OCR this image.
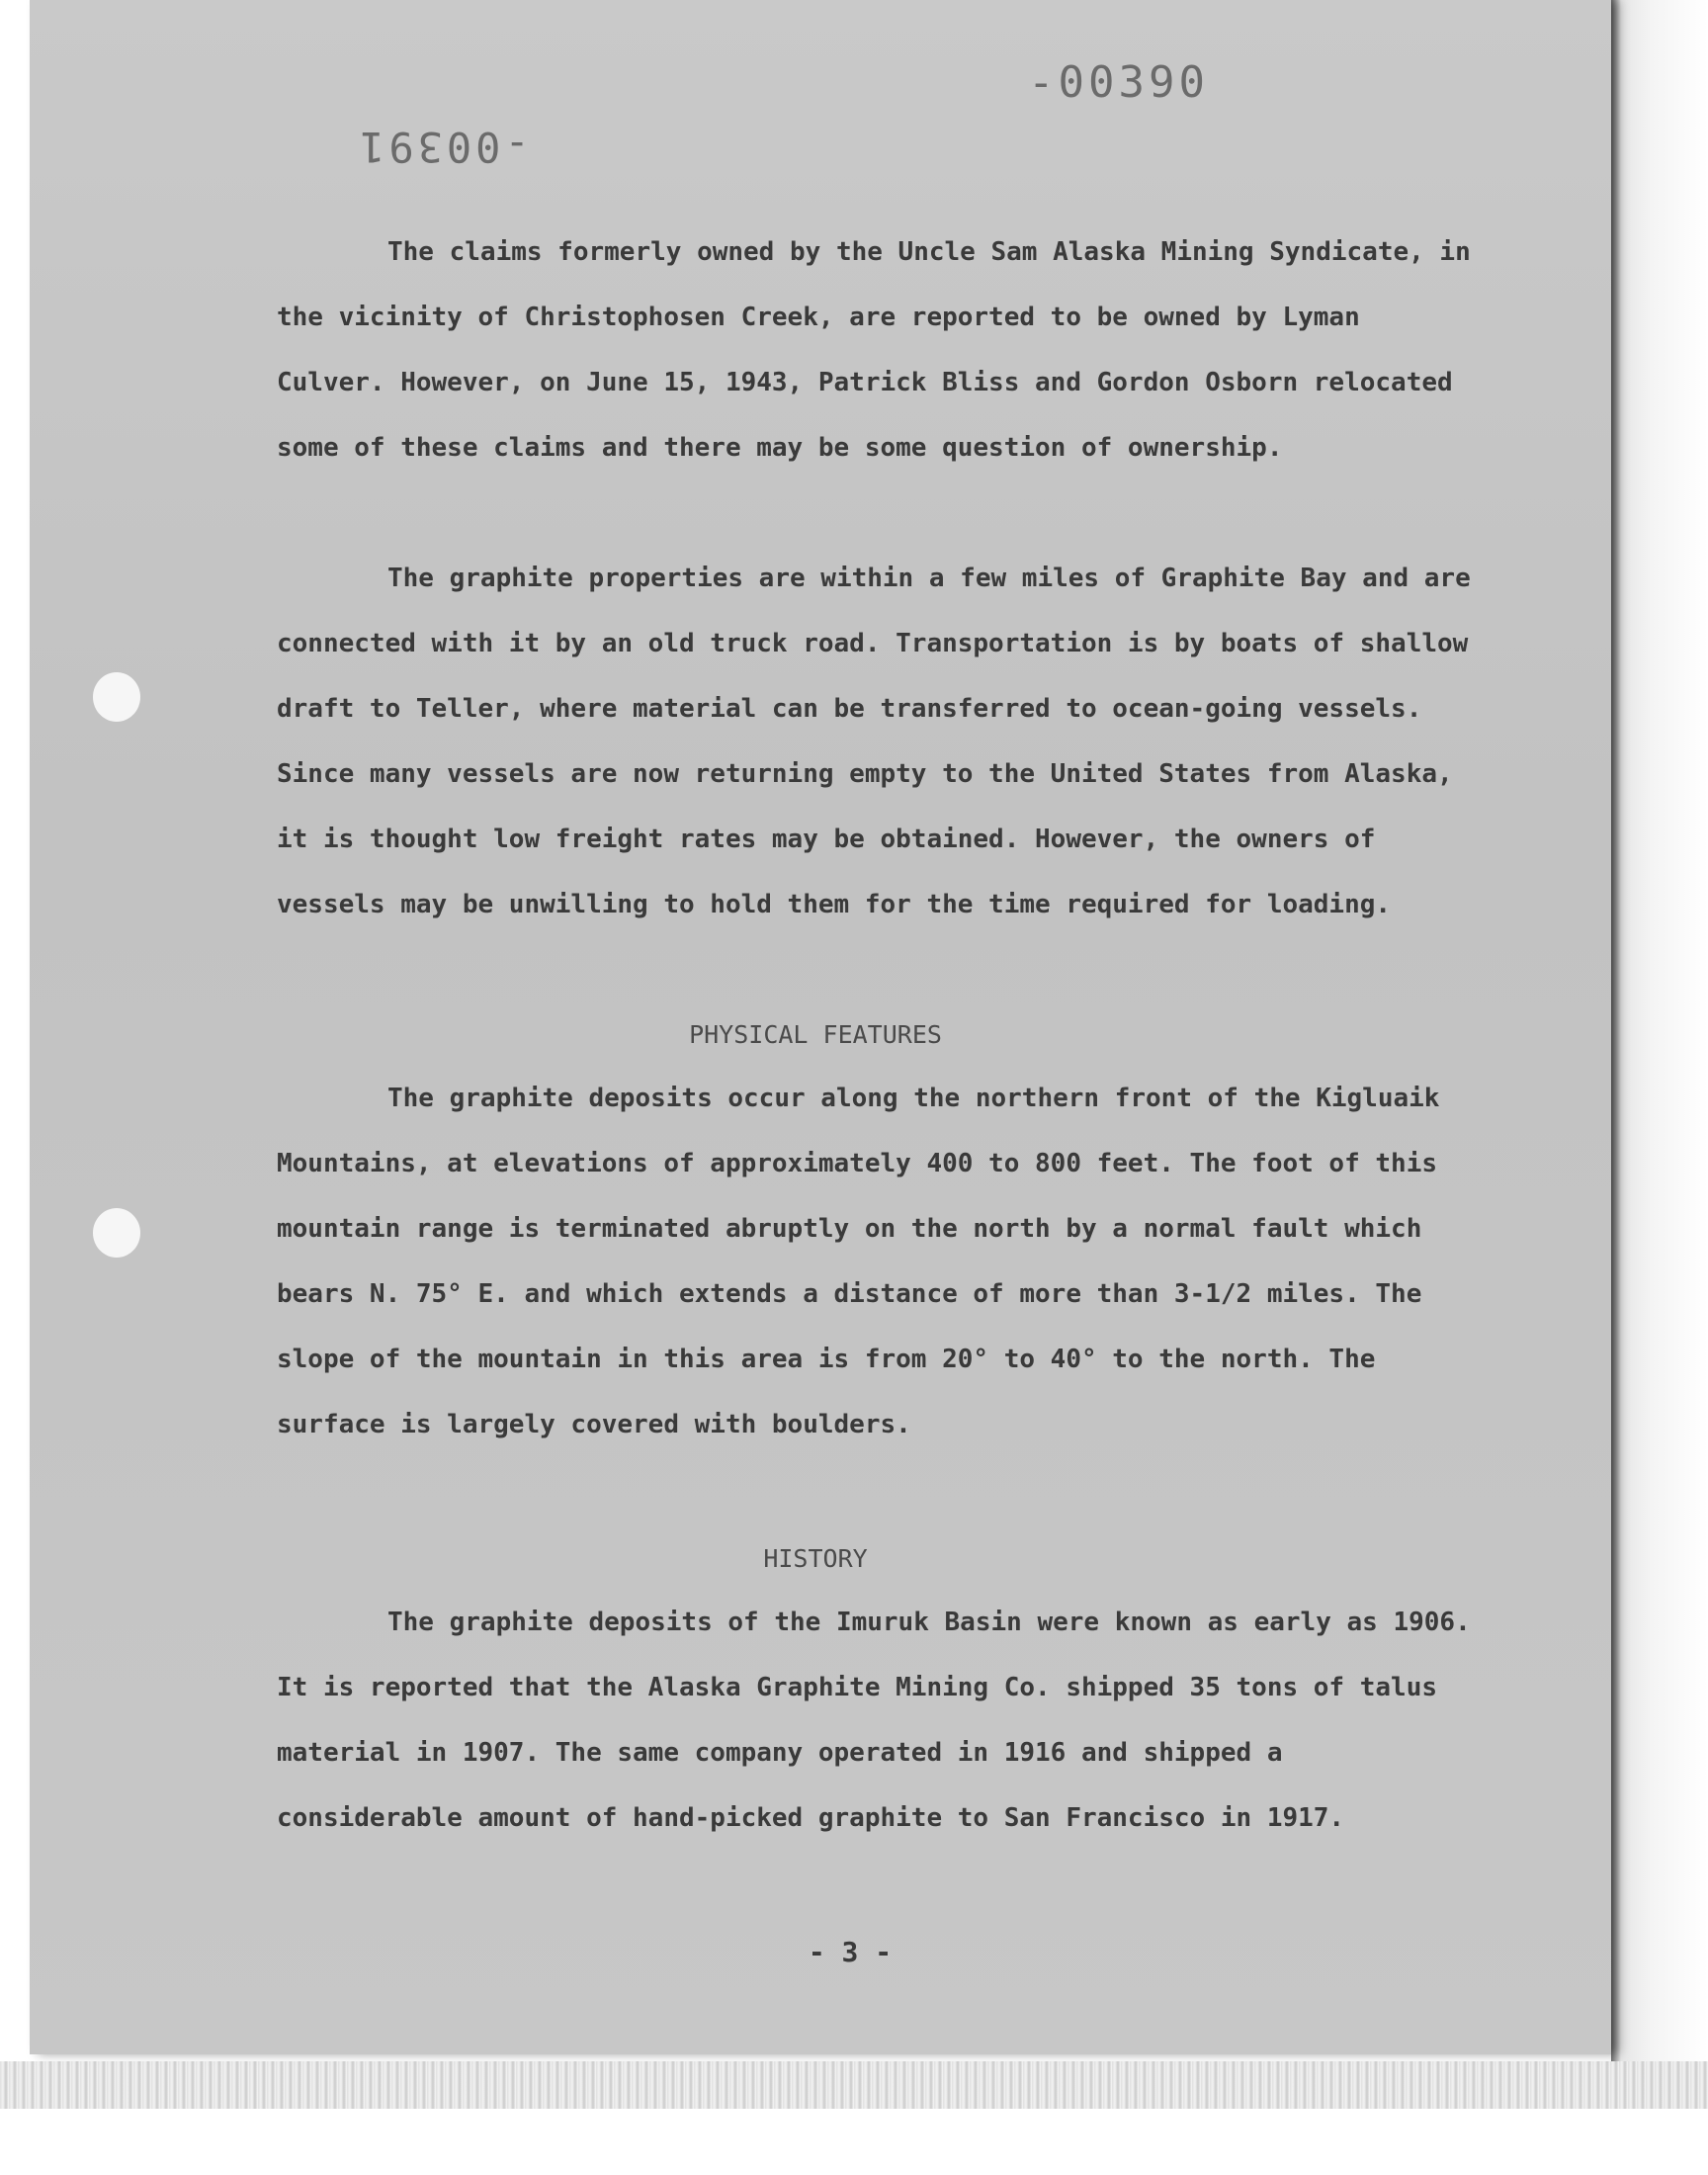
-00390
-00391

The claims formerly owned by the Uncle Sam Alaska Mining Syndicate, in the vicinity of Christophosen Creek, are reported to be owned by Lyman Culver. However, on June 15, 1943, Patrick Bliss and Gordon Osborn relocated some of these claims and there may be some question of ownership.

The graphite properties are within a few miles of Graphite Bay and are connected with it by an old truck road. Transportation is by boats of shallow draft to Teller, where material can be transferred to ocean-going vessels. Since many vessels are now returning empty to the United States from Alaska, it is thought low freight rates may be obtained. However, the owners of vessels may be unwilling to hold them for the time required for loading.

PHYSICAL FEATURES

The graphite deposits occur along the northern front of the Kigluaik Mountains, at elevations of approximately 400 to 800 feet. The foot of this mountain range is terminated abruptly on the north by a normal fault which bears N. 75° E. and which extends a distance of more than 3-1/2 miles. The slope of the mountain in this area is from 20° to 40° to the north. The surface is largely covered with boulders.

HISTORY

The graphite deposits of the Imuruk Basin were known as early as 1906. It is reported that the Alaska Graphite Mining Co. shipped 35 tons of talus material in 1907. The same company operated in 1916 and shipped a considerable amount of hand-picked graphite to San Francisco in 1917.

- 3 -
